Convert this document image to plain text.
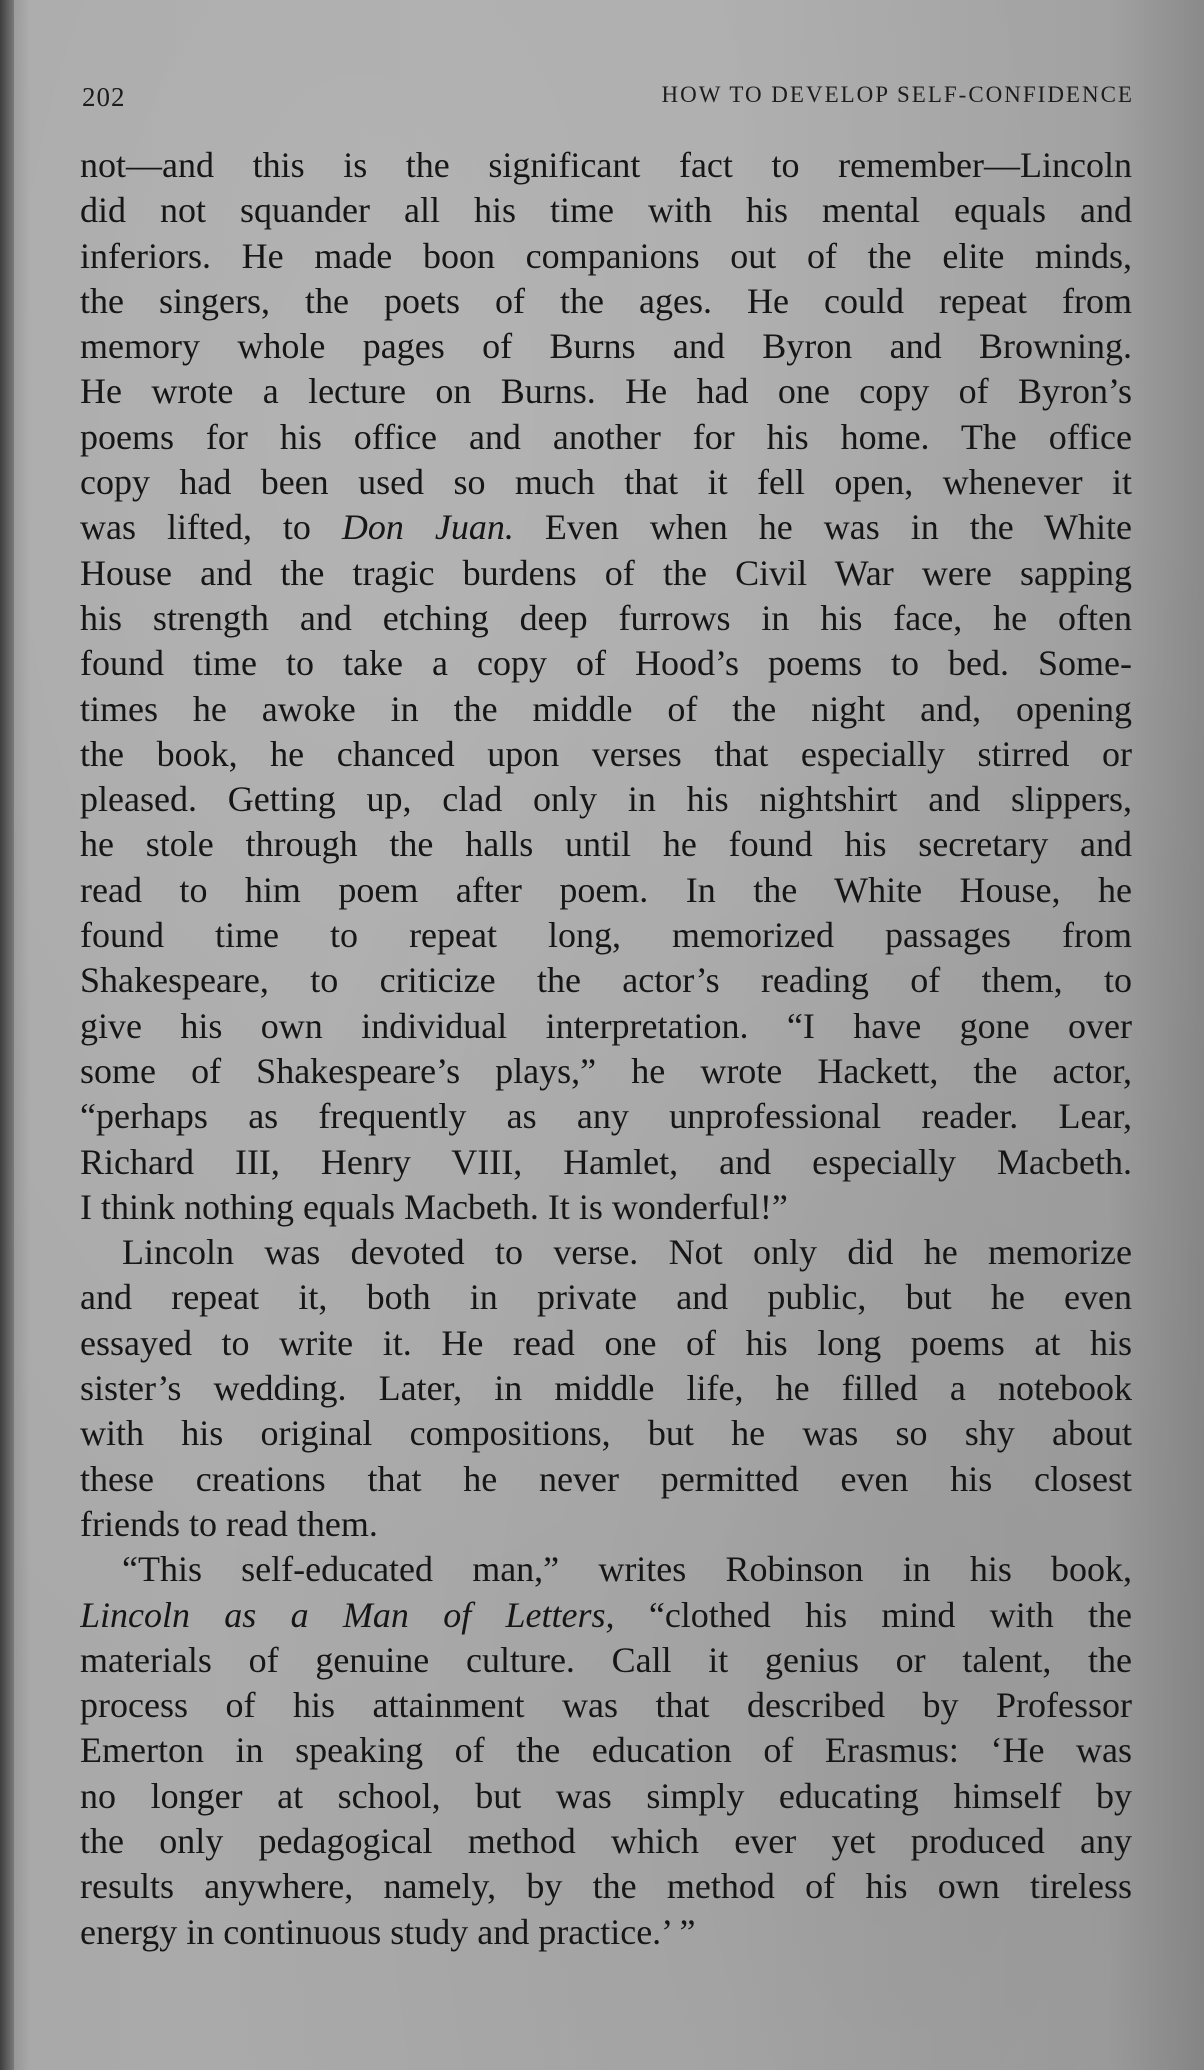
202	HOW TO DEVELOP SELF-CONFIDENCE
not—and this is the significant fact to remember—Lincoln
did not squander all his time with his mental equals and
inferiors. He made boon companions out of the elite minds,
the singers, the poets of the ages. He could repeat from
memory whole pages of Burns and Byron and Browning.
He wrote a lecture on Burns. He had one copy of Byron’s
poems for his office and another for his home. The office
copy had been used so much that it fell open, whenever it
was lifted, to Don Juan. Even when he was in the White
House and the tragic burdens of the Civil War were sapping
his strength and etching deep furrows in his face, he often
found time to take a copy of Hood’s poems to bed. Some-
times he awoke in the middle of the night and, opening
the book, he chanced upon verses that especially stirred or
pleased. Getting up, clad only in his nightshirt and slippers,
he stole through the halls until he found his secretary and
read to him poem after poem. In the White House, he
found time to repeat long, memorized passages from
Shakespeare, to criticize the actor’s reading of them, to
give his own individual interpretation. “I have gone over
some of Shakespeare’s plays,” he wrote Hackett, the actor,
“perhaps as frequently as any unprofessional reader. Lear,
Richard III, Henry VIII, Hamlet, and especially Macbeth.
I think nothing equals Macbeth. It is wonderful!”
Lincoln was devoted to verse. Not only did he memorize
and repeat it, both in private and public, but he even
essayed to write it. He read one of his long poems at his
sister’s wedding. Later, in middle life, he filled a notebook
with his original compositions, but he was so shy about
these creations that he never permitted even his closest
friends to read them.
“This self-educated man,” writes Robinson in his book,
Lincoln as a Man of Letters, “clothed his mind with the
materials of genuine culture. Call it genius or talent, the
process of his attainment was that described by Professor
Emerton in speaking of the education of Erasmus: ‘He was
no longer at school, but was simply educating himself by
the only pedagogical method which ever yet produced any
results anywhere, namely, by the method of his own tireless
energy in continuous study and practice.’ ”
